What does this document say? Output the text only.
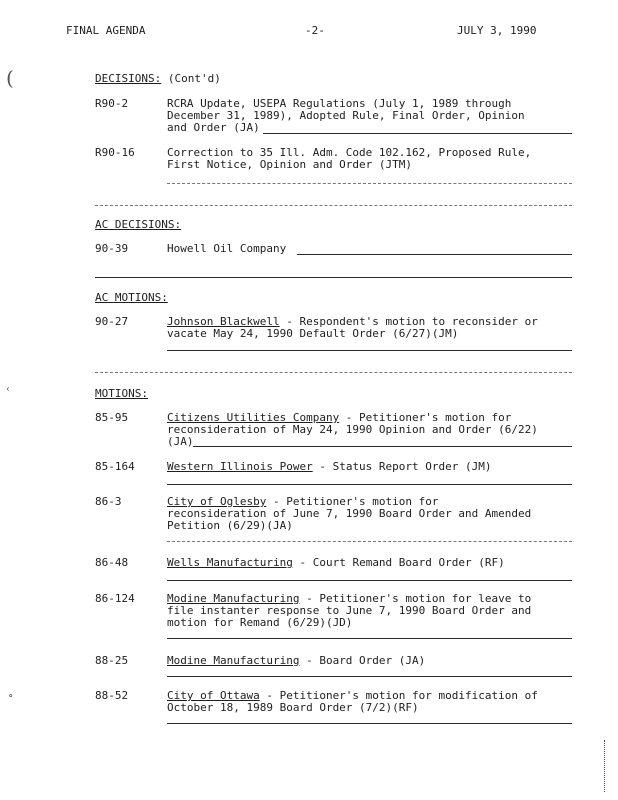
FINAL AGENDA	-2-	JULY 3, 1990
(
‹
∘
DECISIONS: (Cont'd)
R90-2	RCRA Update, USEPA Regulations (July 1, 1989 through
December 31, 1989), Adopted Rule, Final Order, Opinion
and Order (JA)
R90-16	Correction to 35 Ill. Adm. Code 102.162, Proposed Rule,
First Notice, Opinion and Order (JTM)
AC DECISIONS:
90-39	Howell Oil Company
AC MOTIONS:
90-27	Johnson Blackwell - Respondent's motion to reconsider or
vacate May 24, 1990 Default Order (6/27)(JM)
MOTIONS:
85-95	Citizens Utilities Company - Petitioner's motion for
reconsideration of May 24, 1990 Opinion and Order (6/22)
(JA)
85-164	Western Illinois Power - Status Report Order (JM)
86-3	City of Oglesby - Petitioner's motion for
reconsideration of June 7, 1990 Board Order and Amended
Petition (6/29)(JA)
86-48	Wells Manufacturing - Court Remand Board Order (RF)
86-124	Modine Manufacturing - Petitioner's motion for leave to
file instanter response to June 7, 1990 Board Order and
motion for Remand (6/29)(JD)
88-25	Modine Manufacturing - Board Order (JA)
88-52	City of Ottawa - Petitioner's motion for modification of
October 18, 1989 Board Order (7/2)(RF)
